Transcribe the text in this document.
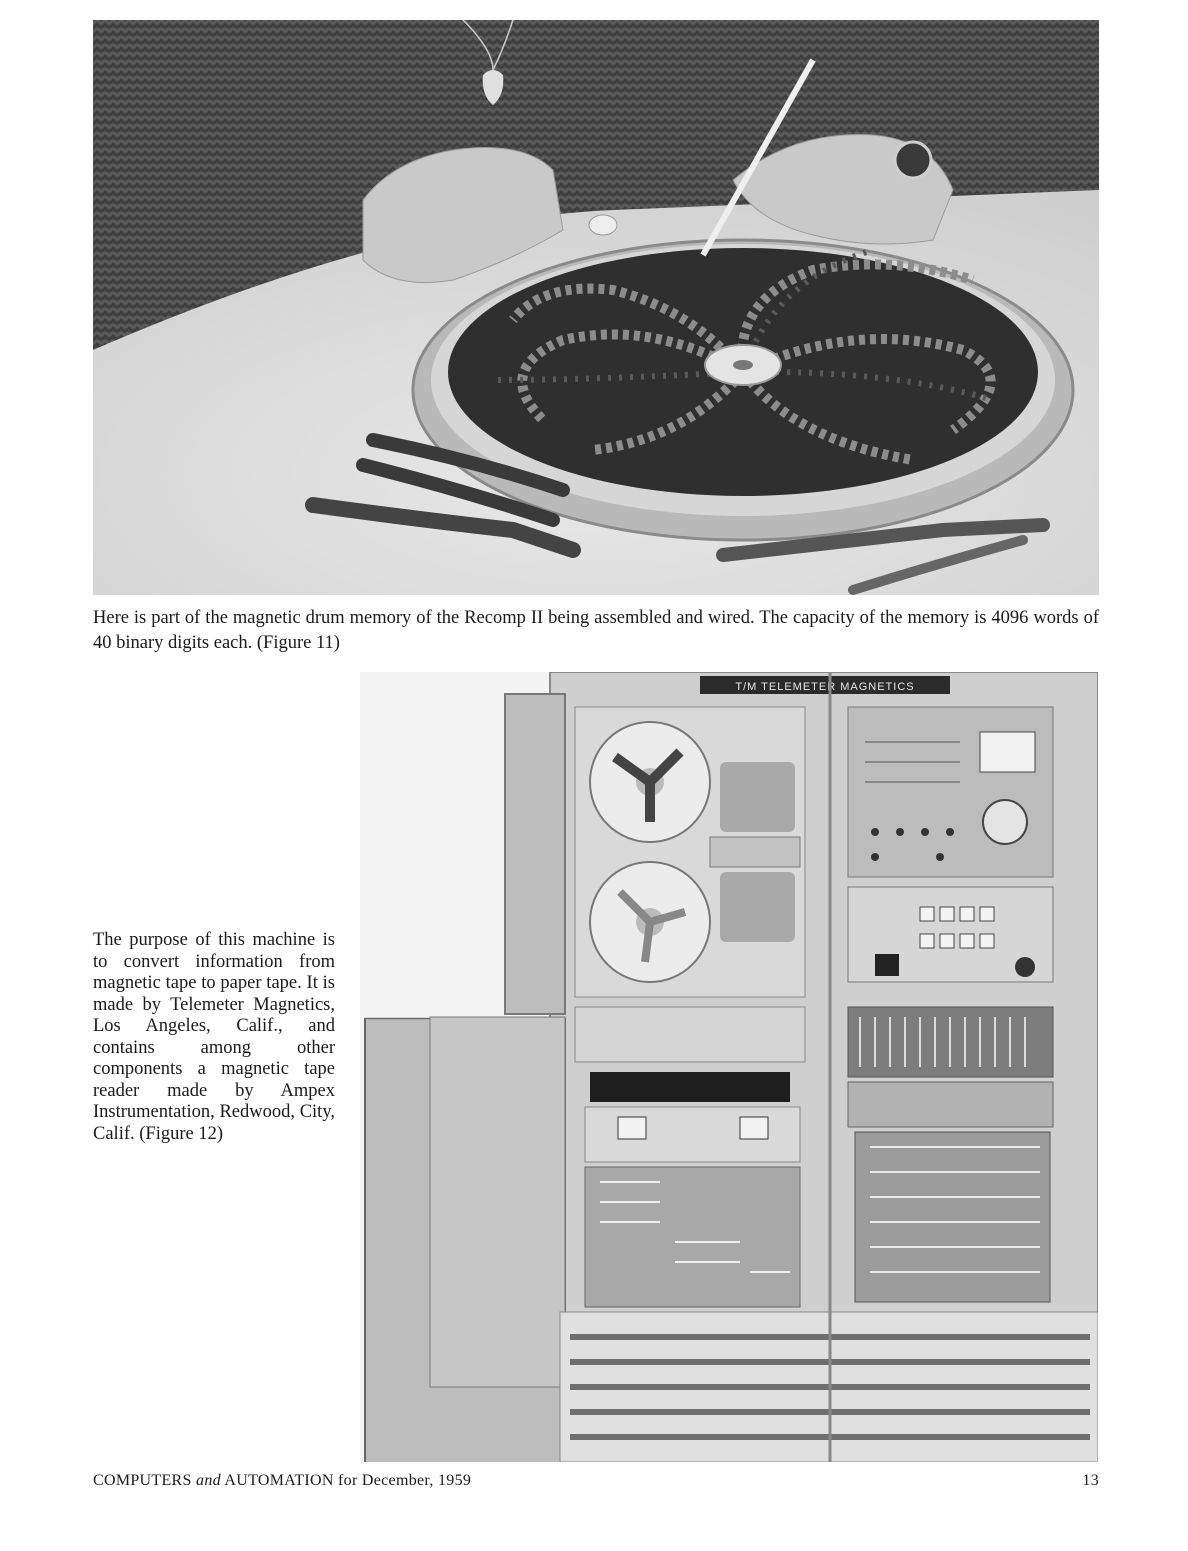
Here is part of the magnetic drum memory of the Recomp II being assembled and wired. The capacity of the memory is 4096 words of 40 binary digits each. (Figure 11)

T/M TELEMETER MAGNETICS

The purpose of this machine is to convert information from magnetic tape to paper tape. It is made by Telemeter Magnetics, Los Angeles, Calif., and contains among other components a magnetic tape reader made by Ampex Instrumentation, Redwood, City, Calif. (Figure 12)

COMPUTERS and AUTOMATION for December, 1959	13
